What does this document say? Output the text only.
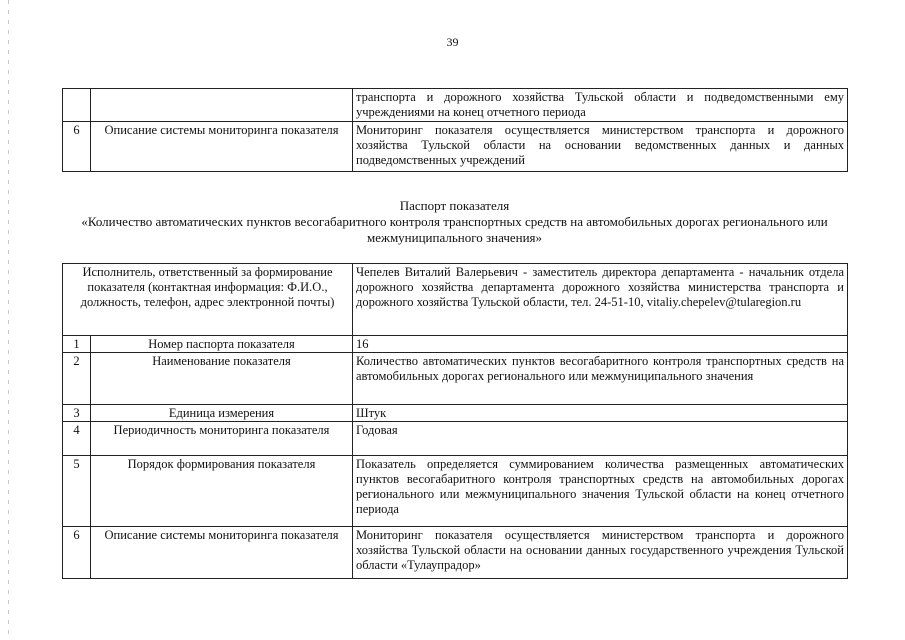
39
		транспорта и дорожного хозяйства Тульской области и подведомственными ему учреждениями на конец отчетного периода
6	Описание системы мониторинга показателя	Мониторинг показателя осуществляется министерством транспорта и дорожного хозяйства Тульской области на основании ведомственных данных и данных подведомственных учреждений
Паспорт показателя
«Количество автоматических пунктов весогабаритного контроля транспортных средств на автомобильных дорогах регионального или межмуниципального значения»
Исполнитель, ответственный за формирование показателя (контактная информация: Ф.И.О., должность, телефон, адрес электронной почты)		Чепелев Виталий Валерьевич - заместитель директора департамента - начальник отдела дорожного хозяйства департамента дорожного хозяйства министерства транспорта и дорожного хозяйства Тульской области, тел. 24-51-10, vitaliy.chepelev@tularegion.ru
1	Номер паспорта показателя	16
2	Наименование показателя	Количество автоматических пунктов весогабаритного контроля транспортных средств на автомобильных дорогах регионального или межмуниципального значения
3	Единица измерения	Штук
4	Периодичность мониторинга показателя	Годовая
5	Порядок формирования показателя	Показатель определяется суммированием количества размещенных автоматических пунктов весогабаритного контроля транспортных средств на автомобильных дорогах регионального или межмуниципального значения Тульской области на конец отчетного периода
6	Описание системы мониторинга показателя	Мониторинг показателя осуществляется министерством транспорта и дорожного хозяйства Тульской области на основании данных государственного учреждения Тульской области «Тулаупрадор»
